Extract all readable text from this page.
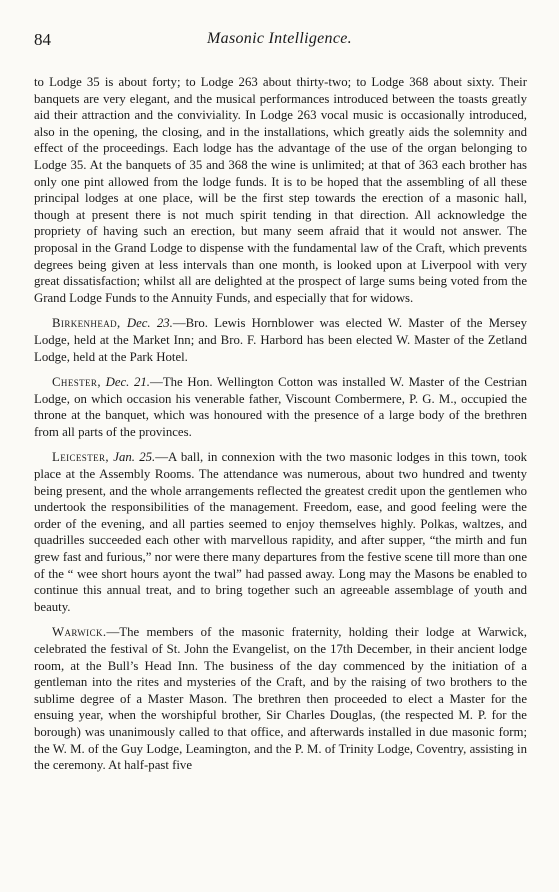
84	Masonic Intelligence.

to Lodge 35 is about forty; to Lodge 263 about thirty-two; to Lodge 368 about sixty. Their banquets are very elegant, and the musical performances introduced between the toasts greatly aid their attraction and the conviviality. In Lodge 263 vocal music is occasionally introduced, also in the opening, the closing, and in the installations, which greatly aids the solemnity and effect of the proceedings. Each lodge has the advantage of the use of the organ belonging to Lodge 35. At the banquets of 35 and 368 the wine is unlimited; at that of 363 each brother has only one pint allowed from the lodge funds. It is to be hoped that the assembling of all these principal lodges at one place, will be the first step towards the erection of a masonic hall, though at present there is not much spirit tending in that direction. All acknowledge the propriety of having such an erection, but many seem afraid that it would not answer. The proposal in the Grand Lodge to dispense with the fundamental law of the Craft, which prevents degrees being given at less intervals than one month, is looked upon at Liverpool with very great dissatisfaction; whilst all are delighted at the prospect of large sums being voted from the Grand Lodge Funds to the Annuity Funds, and especially that for widows.

Birkenhead, Dec. 23.—Bro. Lewis Hornblower was elected W. Master of the Mersey Lodge, held at the Market Inn; and Bro. F. Harbord has been elected W. Master of the Zetland Lodge, held at the Park Hotel.

Chester, Dec. 21.—The Hon. Wellington Cotton was installed W. Master of the Cestrian Lodge, on which occasion his venerable father, Viscount Combermere, P. G. M., occupied the throne at the banquet, which was honoured with the presence of a large body of the brethren from all parts of the provinces.

Leicester, Jan. 25.—A ball, in connexion with the two masonic lodges in this town, took place at the Assembly Rooms. The attendance was numerous, about two hundred and twenty being present, and the whole arrangements reflected the greatest credit upon the gentlemen who undertook the responsibilities of the management. Freedom, ease, and good feeling were the order of the evening, and all parties seemed to enjoy themselves highly. Polkas, waltzes, and quadrilles succeeded each other with marvellous rapidity, and after supper, “the mirth and fun grew fast and furious,” nor were there many departures from the festive scene till more than one of the “ wee short hours ayont the twal” had passed away. Long may the Masons be enabled to continue this annual treat, and to bring together such an agreeable assemblage of youth and beauty.

Warwick.—The members of the masonic fraternity, holding their lodge at Warwick, celebrated the festival of St. John the Evangelist, on the 17th December, in their ancient lodge room, at the Bull’s Head Inn. The business of the day commenced by the initiation of a gentleman into the rites and mysteries of the Craft, and by the raising of two brothers to the sublime degree of a Master Mason. The brethren then proceeded to elect a Master for the ensuing year, when the worshipful brother, Sir Charles Douglas, (the respected M. P. for the borough) was unanimously called to that office, and afterwards installed in due masonic form; the W. M. of the Guy Lodge, Leamington, and the P. M. of Trinity Lodge, Coventry, assisting in the ceremony. At half-past five
